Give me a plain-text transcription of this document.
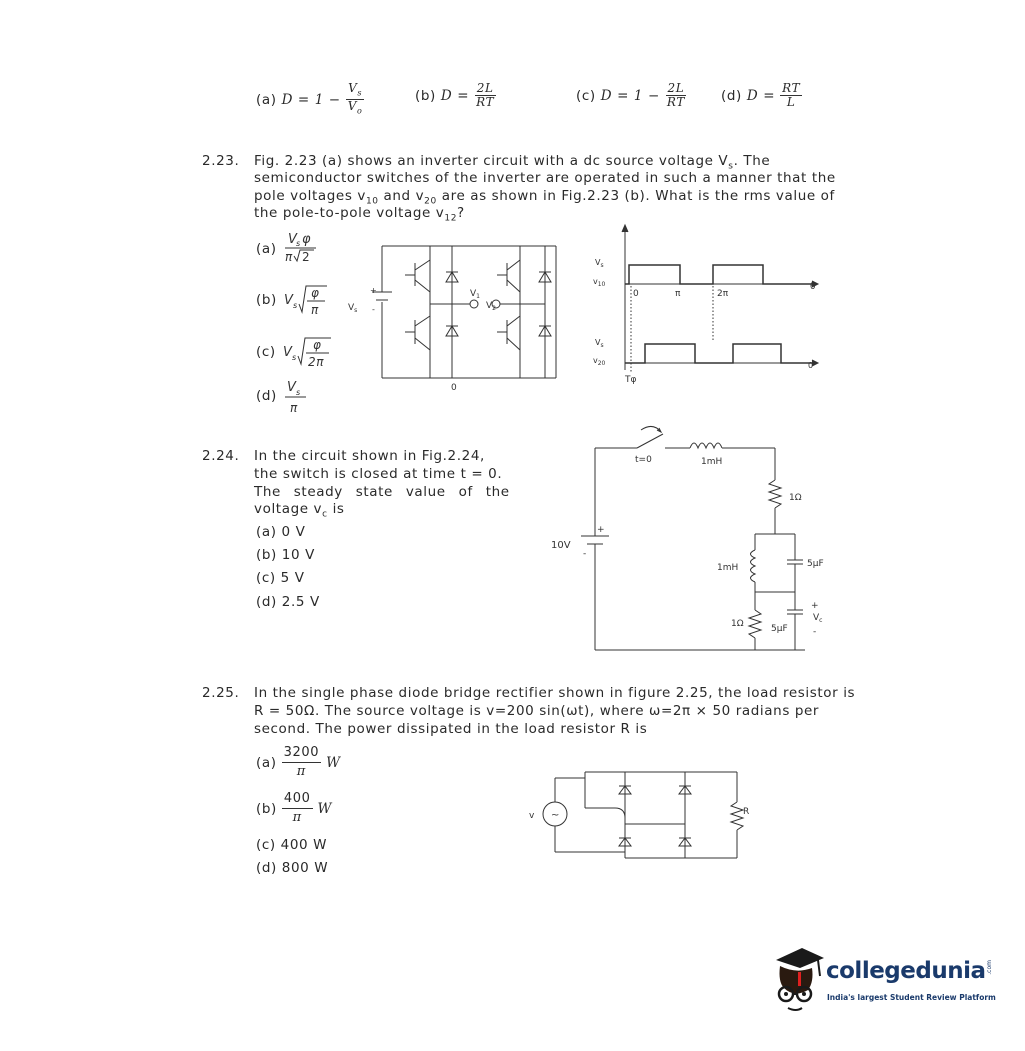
(a) $D = 1 - \frac{V_s}{V_o}$	(b) $D = \frac{2L}{RT}$	(c) $D = 1 - \frac{2L}{RT}$	(d) $D = \frac{RT}{L}$
2.23. Fig. 2.23 (a) shows an inverter circuit with a dc source voltage $V_s$. The
semiconductor switches of the inverter are operated in such a manner that the
pole voltages $v_{10}$ and $v_{20}$ are as shown in Fig.2.23 (b). What is the rms value of
the pole-to-pole voltage $v_{12}$?
(a)
V
s φ
π 2
(b) V s
φ
π
(c) V s
φ
2π
(d)
V s
π
+
-
$V_s$
$V_1$
$V_2$
0
$V_s$
$v_{10}$
0	π	2π
θ
$V_s$
$v_{20}$	0
Tφ
2.24. In the circuit shown in Fig.2.24,
the switch is closed at time t = 0.
The steady state value of the
voltage $v_c$ is
(a) 0 V
(b) 10 V
(c) 5 V
(d) 2.5 V
t=0	1mH
1Ω
10V
+
-
1mH	5μF
1Ω	5μF
+
$V_c$
-
2.25. In the single phase diode bridge rectifier shown in figure 2.25, the load resistor is
R = 50Ω. The source voltage is v=200 sin(ωt), where ω=2π × 50 radians per
second. The power dissipated in the load resistor R is
(a)
3200
π
W
(b)
400
π
W
(c) 400 W
(d) 800 W
~
v	R
collegedunia .com
India's largest Student Review Platform
